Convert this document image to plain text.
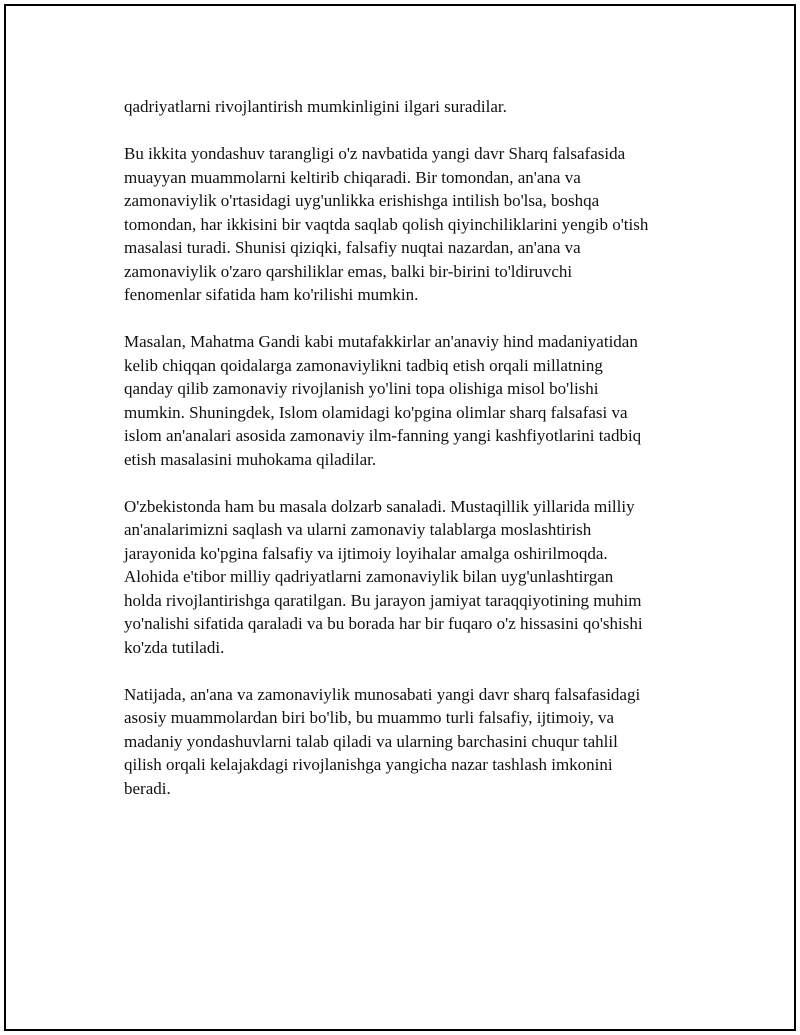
qadriyatlarni rivojlantirish mumkinligini ilgari suradilar.

Bu ikkita yondashuv tarangligi o'z navbatida yangi davr Sharq falsafasida
muayyan muammolarni keltirib chiqaradi. Bir tomondan, an'ana va
zamonaviylik o'rtasidagi uyg'unlikka erishishga intilish bo'lsa, boshqa
tomondan, har ikkisini bir vaqtda saqlab qolish qiyinchiliklarini yengib o'tish
masalasi turadi. Shunisi qiziqki, falsafiy nuqtai nazardan, an'ana va
zamonaviylik o'zaro qarshiliklar emas, balki bir-birini to'ldiruvchi
fenomenlar sifatida ham ko'rilishi mumkin.

Masalan, Mahatma Gandi kabi mutafakkirlar an'anaviy hind madaniyatidan
kelib chiqqan qoidalarga zamonaviylikni tadbiq etish orqali millatning
qanday qilib zamonaviy rivojlanish yo'lini topa olishiga misol bo'lishi
mumkin. Shuningdek, Islom olamidagi ko'pgina olimlar sharq falsafasi va
islom an'analari asosida zamonaviy ilm-fanning yangi kashfiyotlarini tadbiq
etish masalasini muhokama qiladilar.

O'zbekistonda ham bu masala dolzarb sanaladi. Mustaqillik yillarida milliy
an'analarimizni saqlash va ularni zamonaviy talablarga moslashtirish
jarayonida ko'pgina falsafiy va ijtimoiy loyihalar amalga oshirilmoqda.
Alohida e'tibor milliy qadriyatlarni zamonaviylik bilan uyg'unlashtirgan
holda rivojlantirishga qaratilgan. Bu jarayon jamiyat taraqqiyotining muhim
yo'nalishi sifatida qaraladi va bu borada har bir fuqaro o'z hissasini qo'shishi
ko'zda tutiladi.

Natijada, an'ana va zamonaviylik munosabati yangi davr sharq falsafasidagi
asosiy muammolardan biri bo'lib, bu muammo turli falsafiy, ijtimoiy, va
madaniy yondashuvlarni talab qiladi va ularning barchasini chuqur tahlil
qilish orqali kelajakdagi rivojlanishga yangicha nazar tashlash imkonini
beradi.
